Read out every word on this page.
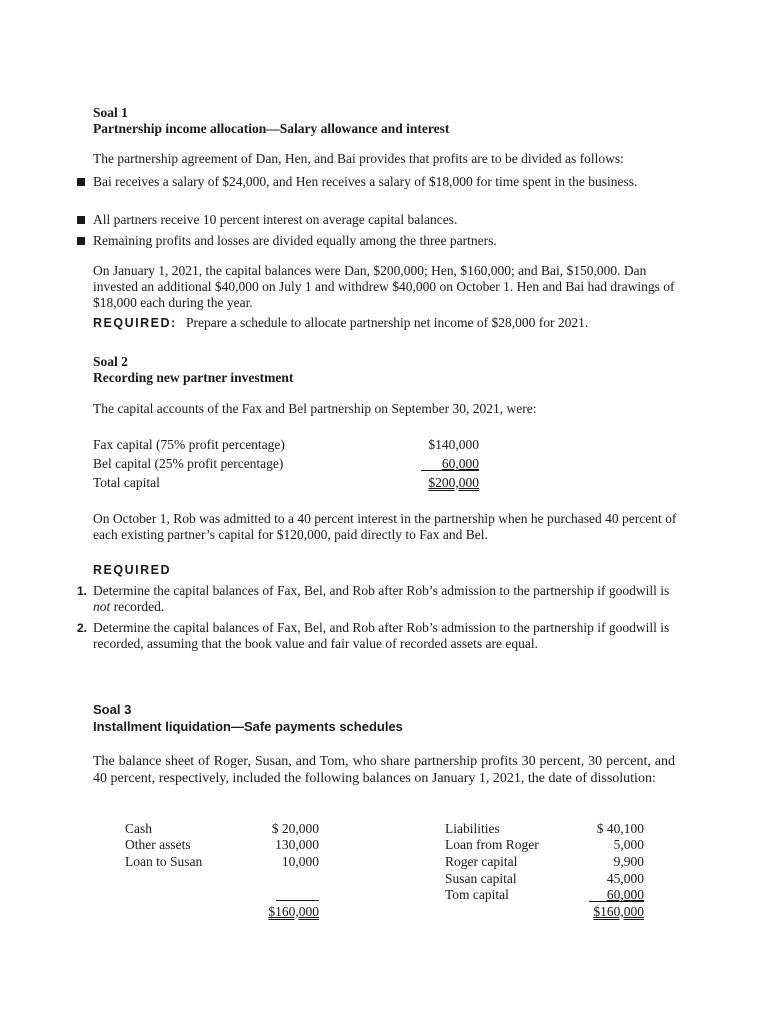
Soal 1
Partnership income allocation—Salary allowance and interest
The partnership agreement of Dan, Hen, and Bai provides that profits are to be divided as follows:
Bai receives a salary of $24,000, and Hen receives a salary of $18,000 for time spent in the business.
All partners receive 10 percent interest on average capital balances.
Remaining profits and losses are divided equally among the three partners.
On January 1, 2021, the capital balances were Dan, $200,000; Hen, $160,000; and Bai, $150,000. Dan invested an additional $40,000 on July 1 and withdrew $40,000 on October 1. Hen and Bai had drawings of $18,000 each during the year.
REQUIRED: Prepare a schedule to allocate partnership net income of $28,000 for 2021.
Soal 2
Recording new partner investment
The capital accounts of the Fax and Bel partnership on September 30, 2021, were:
Fax capital (75% profit percentage)	$140,000
Bel capital (25% profit percentage)	60,000
Total capital	$200,000
On October 1, Rob was admitted to a 40 percent interest in the partnership when he purchased 40 percent of each existing partner’s capital for $120,000, paid directly to Fax and Bel.
REQUIRED
1. Determine the capital balances of Fax, Bel, and Rob after Rob’s admission to the partnership if goodwill is not recorded.
2. Determine the capital balances of Fax, Bel, and Rob after Rob’s admission to the partnership if goodwill is recorded, assuming that the book value and fair value of recorded assets are equal.
Soal 3
Installment liquidation—Safe payments schedules
The balance sheet of Roger, Susan, and Tom, who share partnership profits 30 percent, 30 percent, and 40 percent, respectively, included the following balances on January 1, 2021, the date of dissolution:
Cash	$ 20,000
Other assets	130,000
Loan to Susan	10,000
$160,000
Liabilities	$ 40,100
Loan from Roger	5,000
Roger capital	9,900
Susan capital	45,000
Tom capital	60,000
$160,000
